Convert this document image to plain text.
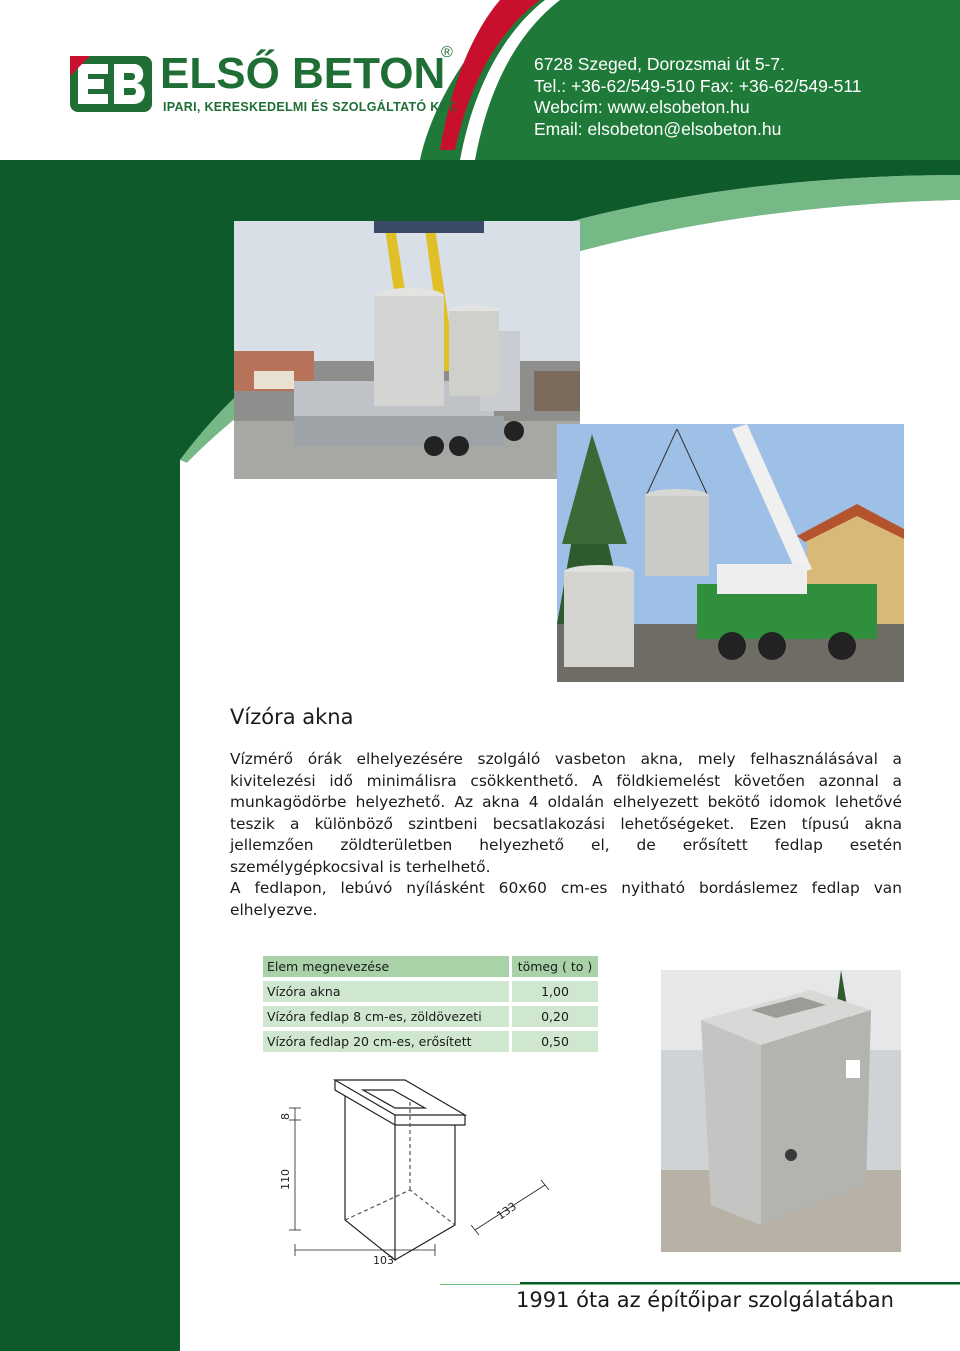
ELSŐ BETON
®
IPARI, KERESKEDELMI ÉS SZOLGÁLTATÓ KFT.
6728 Szeged, Dorozsmai út 5-7.
Tel.: +36-62/549-510 Fax: +36-62/549-511
Webcím: www.elsobeton.hu
Email: elsobeton@elsobeton.hu
Vízóra akna

Vízmérő órák elhelyezésére szolgáló vasbeton akna, mely felhasználásával a kivitelezési idő minimálisra csökkenthető. A földkiemelést követően azonnal a munkagödörbe helyezhető. Az akna 4 oldalán elhelyezett bekötő idomok lehetővé teszik a különböző szintbeni becsatlakozási lehetőségeket. Ezen típusú akna jellemzően zöldterületben helyezhető el, de erősített fedlap esetén személygépkocsival is terhelhető.

A fedlapon, lebúvó nyílásként 60x60 cm-es nyitható bordáslemez fedlap van elhelyezve.

Elem megnevezése	tömeg ( to )
Vízóra akna	1,00
Vízóra fedlap 8 cm-es, zöldövezeti	0,20
Vízóra fedlap 20 cm-es, erősített	0,50
110
8
103
133
1991 óta az építőipar szolgálatában
